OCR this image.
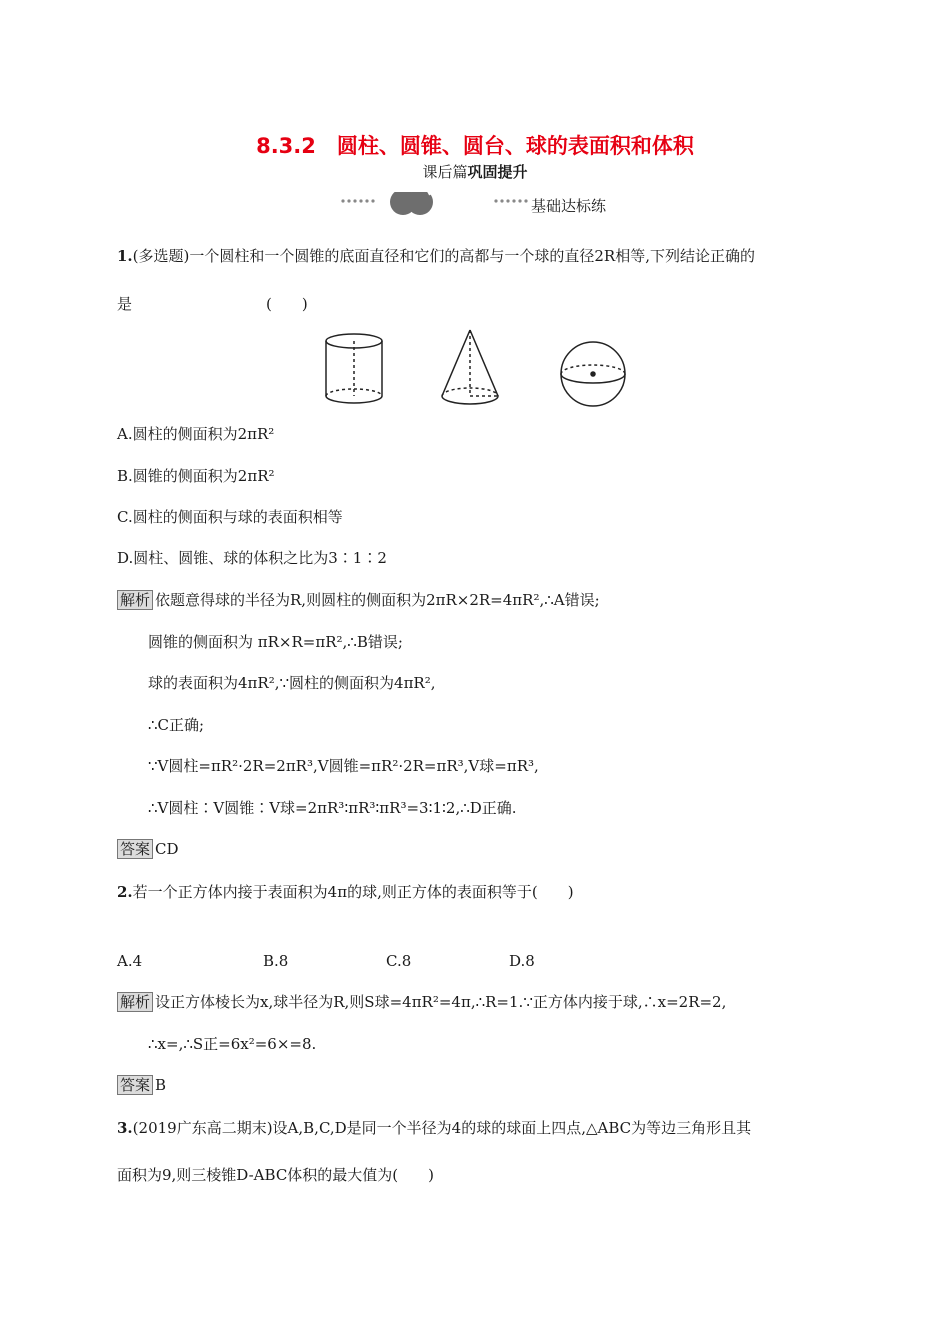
8.3.2　圆柱、圆锥、圆台、球的表面积和体积
课后篇巩固提升
基础达标练
1.(多选题)一个圆柱和一个圆锥的底面直径和它们的高都与一个球的直径2R相等,下列结论正确的
是	(　　)
A.圆柱的侧面积为2πR²
B.圆锥的侧面积为2πR²
C.圆柱的侧面积与球的表面积相等
D.圆柱、圆锥、球的体积之比为3∶1∶2
解析 依题意得球的半径为R,则圆柱的侧面积为2πR×2R=4πR²,∴A错误;
圆锥的侧面积为 πR×R=πR²,∴B错误;
球的表面积为4πR²,∵圆柱的侧面积为4πR²,
∴C正确;
∵V圆柱=πR²·2R=2πR³,V圆锥=πR²·2R=πR³,V球=πR³,
∴V圆柱∶V圆锥∶V球=2πR³∶πR³∶πR³=3∶1∶2,∴D正确.
答案 CD
2.若一个正方体内接于表面积为4π的球,则正方体的表面积等于(　　)
A.4	B.8	C.8	D.8
解析 设正方体棱长为x,球半径为R,则S球=4πR²=4π,∴R=1.∵正方体内接于球,∴x=2R=2,
∴x=,∴S正=6x²=6×=8.
答案 B
3.(2019广东高二期末)设A,B,C,D是同一个半径为4的球的球面上四点,△ABC为等边三角形且其
面积为9,则三棱锥D-ABC体积的最大值为(　　)
